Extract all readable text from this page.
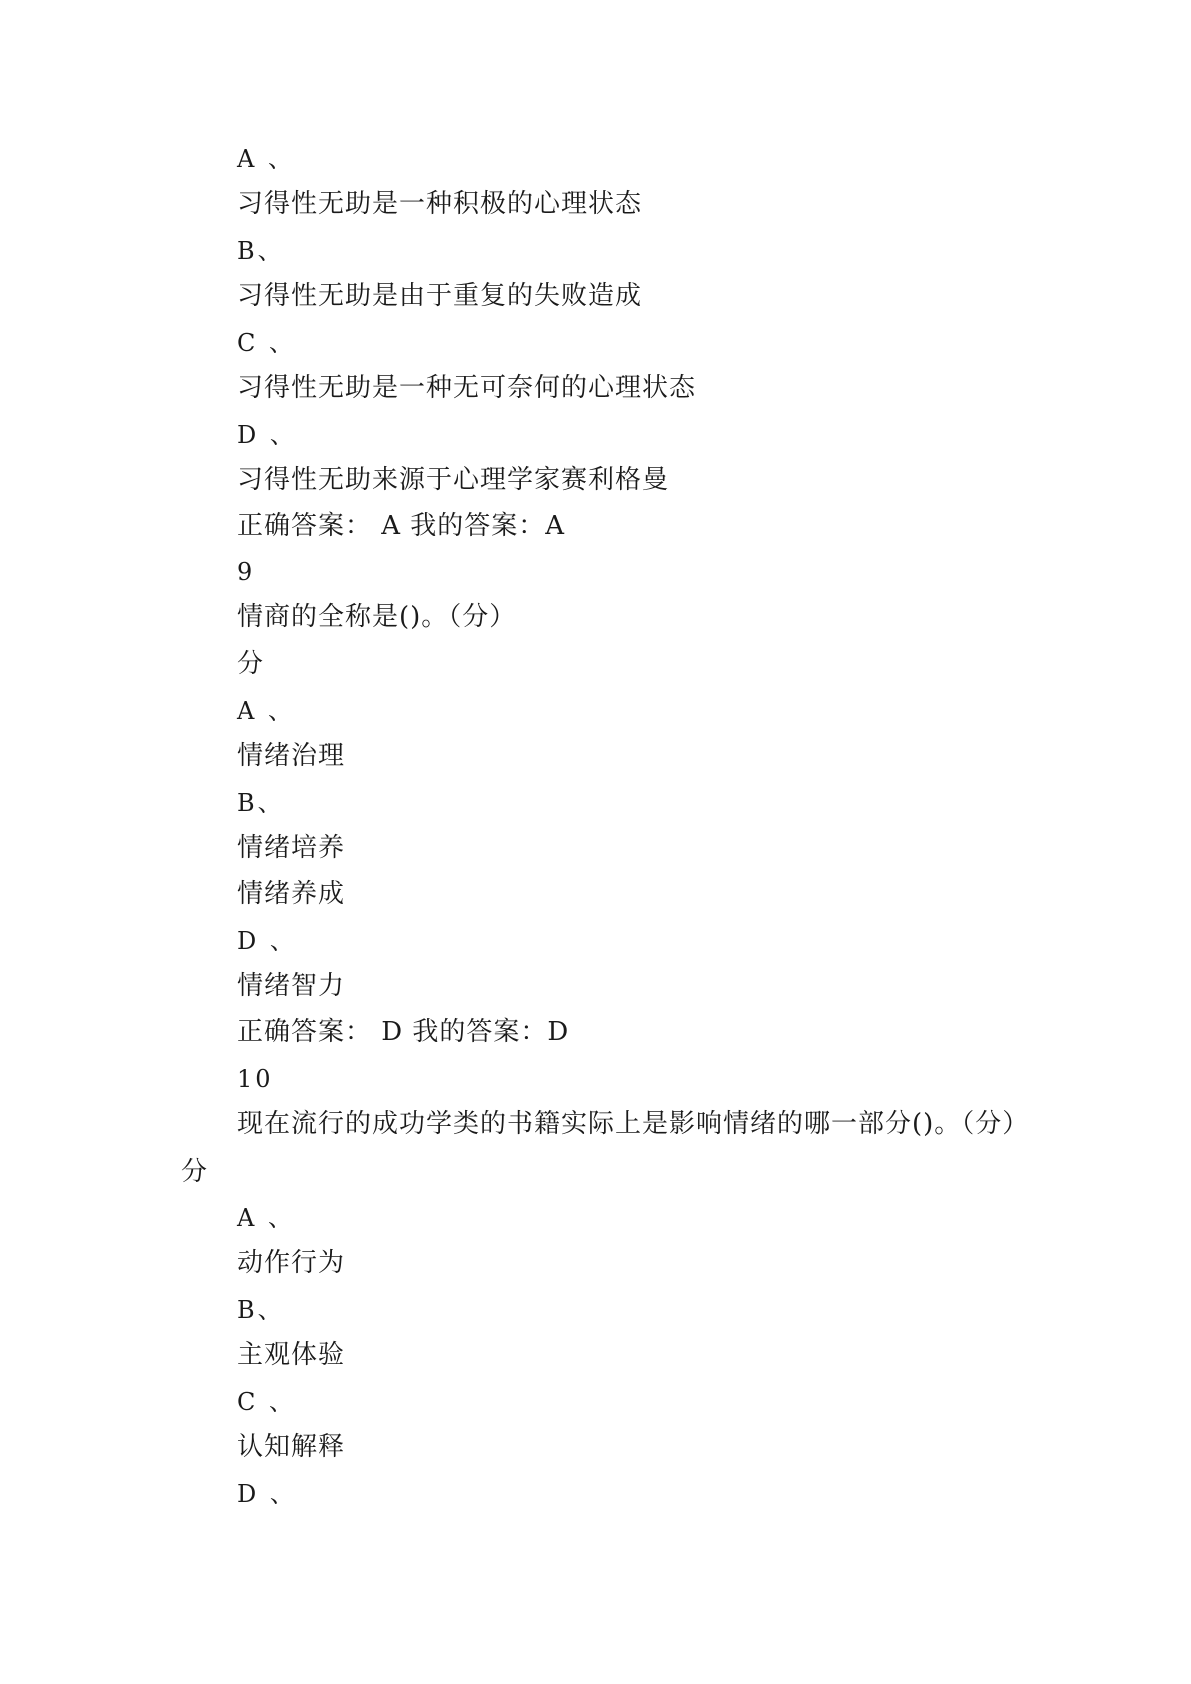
A 、
习得性无助是一种积极的心理状态
B、
习得性无助是由于重复的失败造成
C 、
习得性无助是一种无可奈何的心理状态
D 、
习得性无助来源于心理学家赛利格曼
正确答案： A 我的答案：A
9
情商的全称是()。（分）
分
A 、
情绪治理
B、
情绪培养
情绪养成
D 、
情绪智力
正确答案： D 我的答案：D
10
现在流行的成功学类的书籍实际上是影响情绪的哪一部分()。（分）
分
A 、
动作行为
B、
主观体验
C 、
认知解释
D 、
